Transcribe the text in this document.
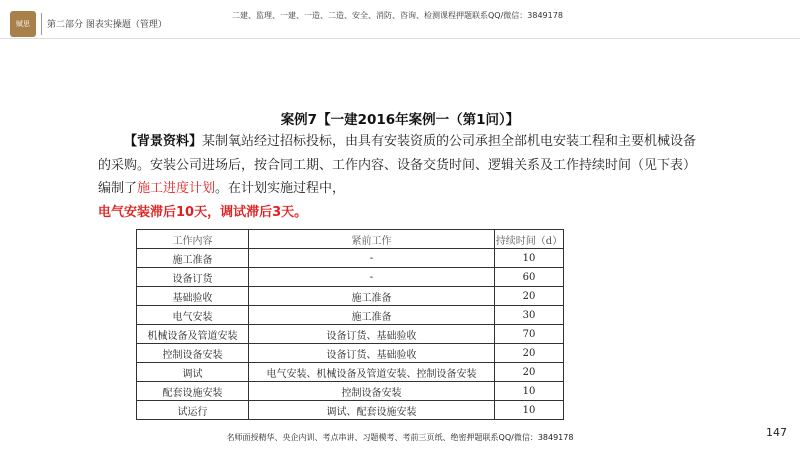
赋思	第二部分 图表实操题（管理）
二建、监理、一建、一造、二造、安全、消防、咨询、检测课程押题联系QQ/微信：3849178
案例7【一建2016年案例一（第1问）】
【背景资料】某制氧站经过招标投标，由具有安装资质的公司承担全部机电安装工程和主要机械设备的采购。安装公司进场后，按合同工期、工作内容、设备交货时间、逻辑关系及工作持续时间（见下表）编制了施工进度计划。在计划实施过程中，
电气安装滞后10天，调试滞后3天。
工作内容	紧前工作	持续时间（d）
施工准备	-	10
设备订货	-	60
基础验收	施工准备	20
电气安装	施工准备	30
机械设备及管道安装	设备订货、基础验收	70
控制设备安装	设备订货、基础验收	20
调试	电气安装、机械设备及管道安装、控制设备安装	20
配套设施安装	控制设备安装	10
试运行	调试、配套设施安装	10
147
名师面授精华、央企内训、考点串讲、习题模考、考前三页纸、绝密押题联系QQ/微信：3849178
